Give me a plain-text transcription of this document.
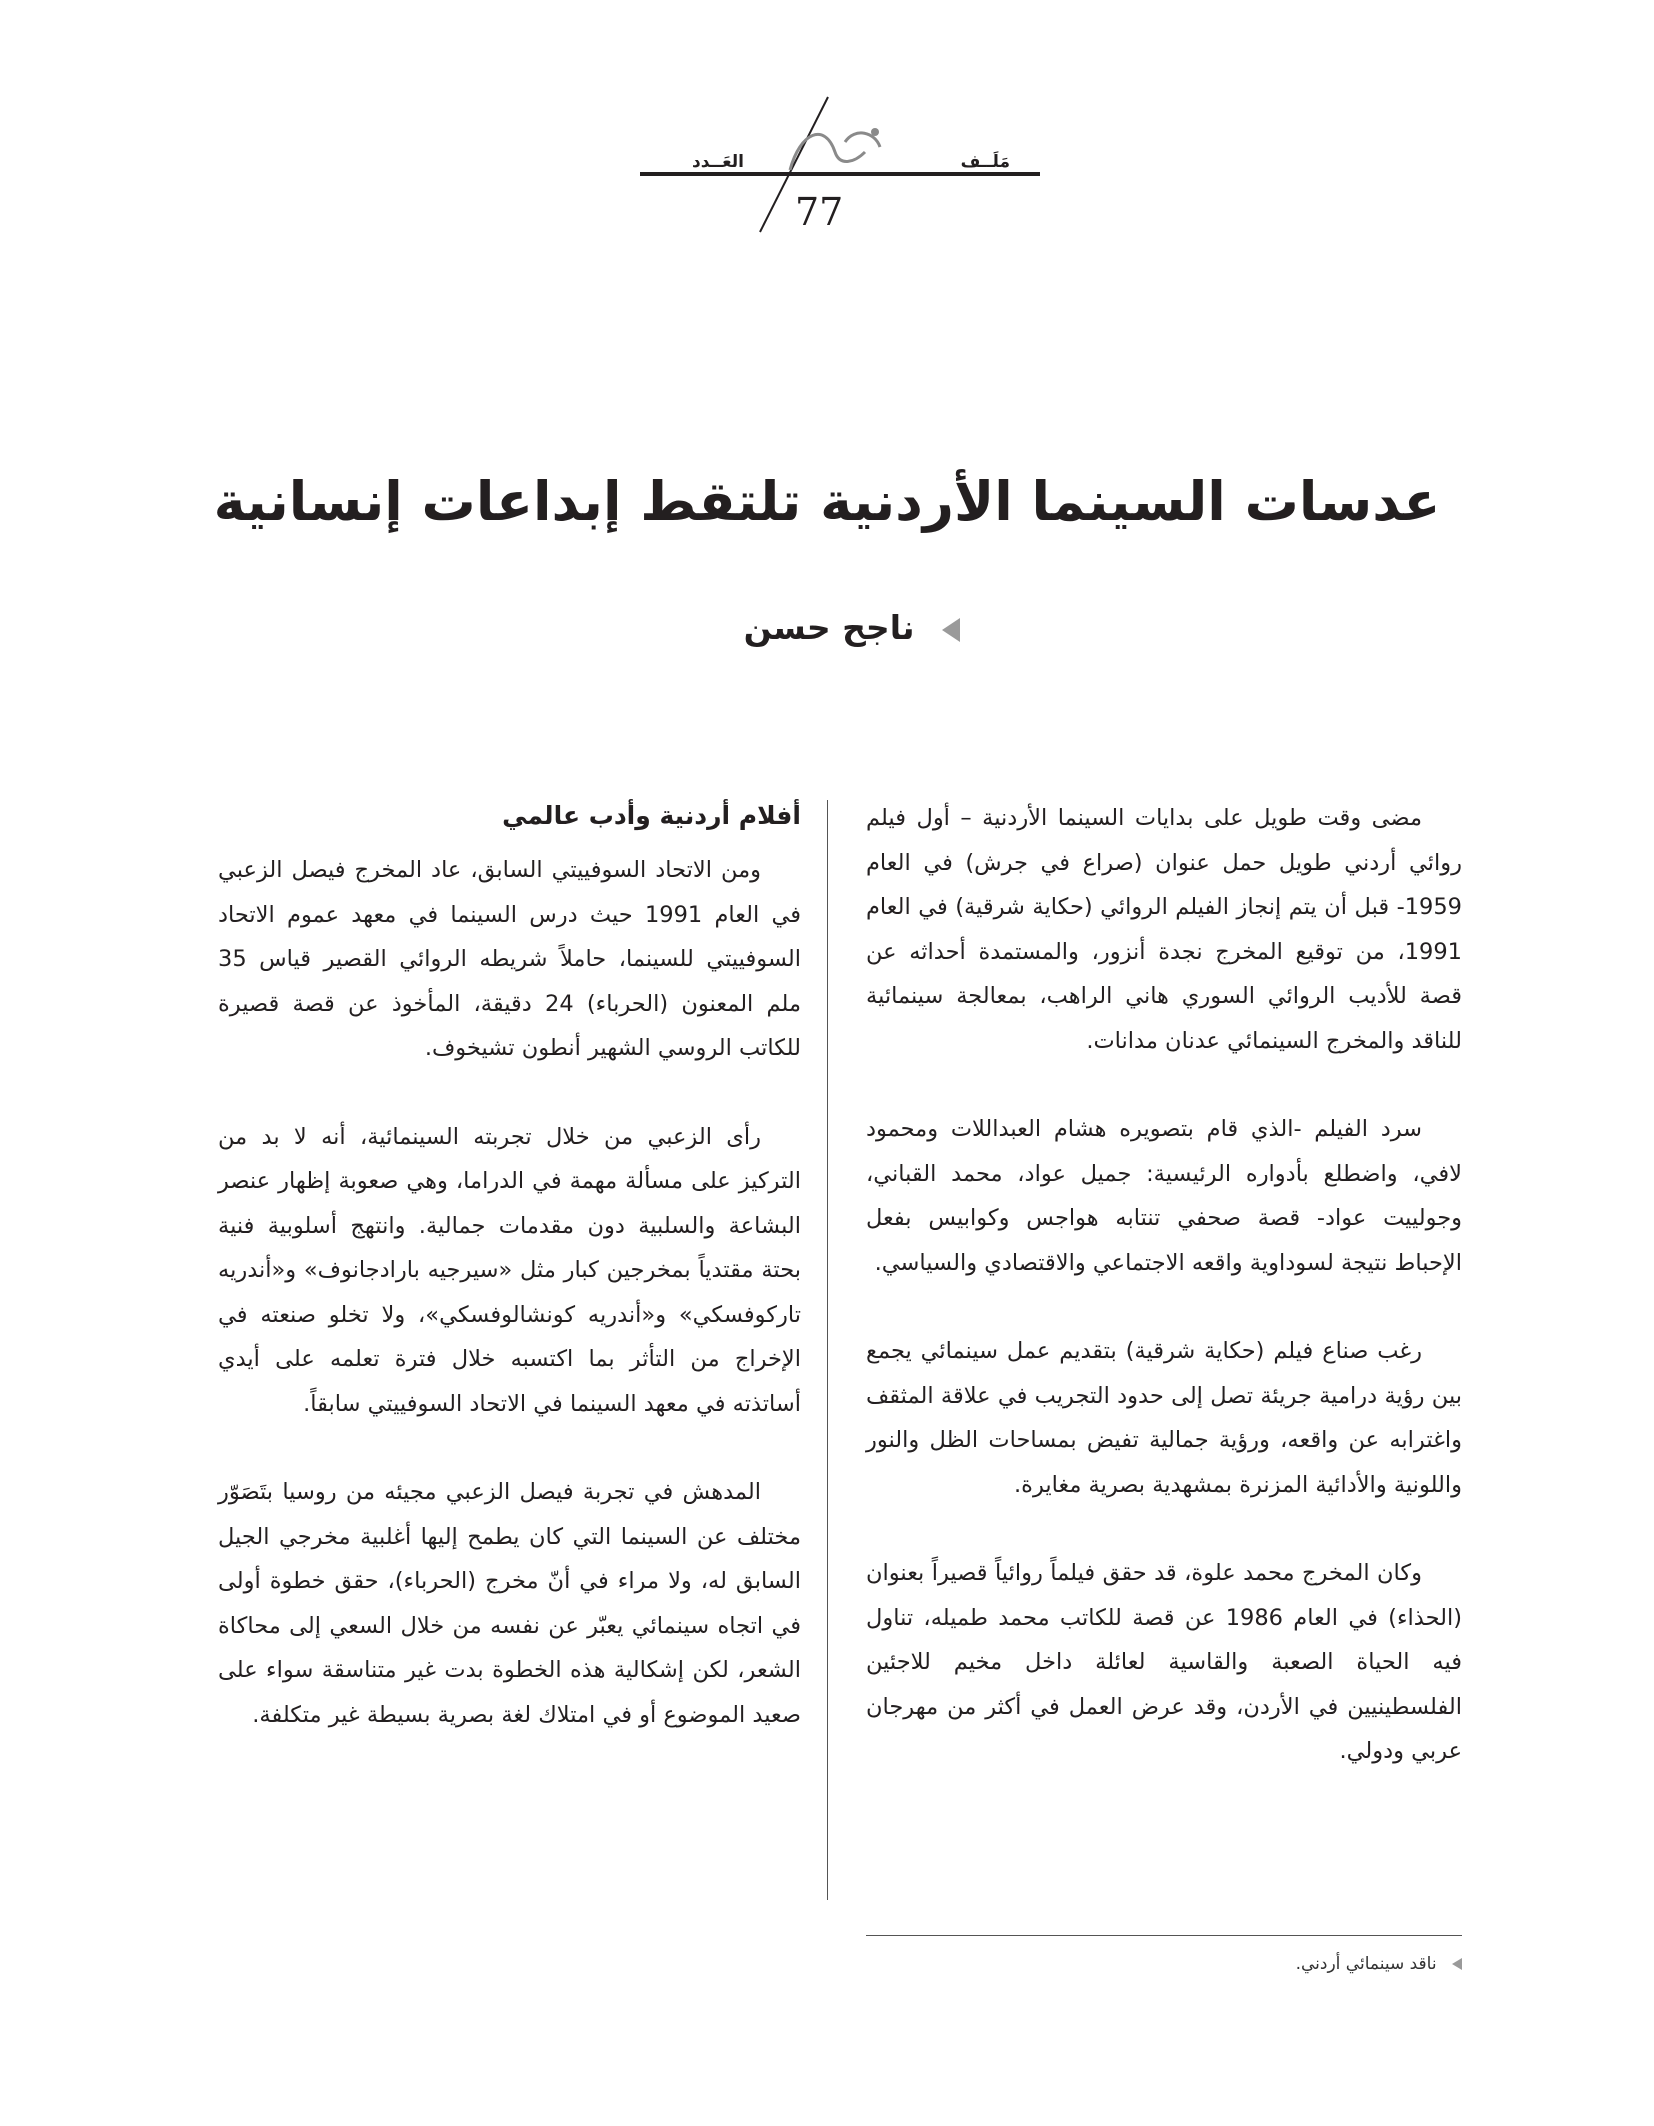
مَلَــف
العَــدد
77
عدسات السينما الأردنية تلتقط إبداعات إنسانية
ناجح حسن

مضى وقت طويل على بدايات السينما الأردنية – أول فيلم روائي أردني طويل حمل عنوان (صراع في جرش) في العام 1959- قبل أن يتم إنجاز الفيلم الروائي (حكاية شرقية) في العام 1991، من توقيع المخرج نجدة أنزور، والمستمدة أحداثه عن قصة للأديب الروائي السوري هاني الراهب، بمعالجة سينمائية للناقد والمخرج السينمائي عدنان مدانات.

سرد الفيلم -الذي قام بتصويره هشام العبداللات ومحمود لافي، واضطلع بأدواره الرئيسية: جميل عواد، محمد القباني، وجولييت عواد- قصة صحفي تنتابه هواجس وكوابيس بفعل الإحباط نتيجة لسوداوية واقعه الاجتماعي والاقتصادي والسياسي.

رغب صناع فيلم (حكاية شرقية) بتقديم عمل سينمائي يجمع بين رؤية درامية جريئة تصل إلى حدود التجريب في علاقة المثقف واغترابه عن واقعه، ورؤية جمالية تفيض بمساحات الظل والنور واللونية والأدائية المزنرة بمشهدية بصرية مغايرة.

وكان المخرج محمد علوة، قد حقق فيلماً روائياً قصيراً بعنوان (الحذاء) في العام 1986 عن قصة للكاتب محمد طميله، تناول فيه الحياة الصعبة والقاسية لعائلة داخل مخيم للاجئين الفلسطينيين في الأردن، وقد عرض العمل في أكثر من مهرجان عربي ودولي.

أفلام أردنية وأدب عالمي

ومن الاتحاد السوفييتي السابق، عاد المخرج فيصل الزعبي في العام 1991 حيث درس السينما في معهد عموم الاتحاد السوفييتي للسينما، حاملاً شريطه الروائي القصير قياس 35 ملم المعنون (الحرباء) 24 دقيقة، المأخوذ عن قصة قصيرة للكاتب الروسي الشهير أنطون تشيخوف.

رأى الزعبي من خلال تجربته السينمائية، أنه لا بد من التركيز على مسألة مهمة في الدراما، وهي صعوبة إظهار عنصر البشاعة والسلبية دون مقدمات جمالية. وانتهج أسلوبية فنية بحتة مقتدياً بمخرجين كبار مثل «سيرجيه بارادجانوف» و«أندريه تاركوفسكي» و«أندريه كونشالوفسكي»، ولا تخلو صنعته في الإخراج من التأثر بما اكتسبه خلال فترة تعلمه على أيدي أساتذته في معهد السينما في الاتحاد السوفييتي سابقاً.

المدهش في تجربة فيصل الزعبي مجيئه من روسيا بتَصَوّر مختلف عن السينما التي كان يطمح إليها أغلبية مخرجي الجيل السابق له، ولا مراء في أنّ مخرج (الحرباء)، حقق خطوة أولى في اتجاه سينمائي يعبّر عن نفسه من خلال السعي إلى محاكاة الشعر، لكن إشكالية هذه الخطوة بدت غير متناسقة سواء على صعيد الموضوع أو في امتلاك لغة بصرية بسيطة غير متكلفة.

ناقد سينمائي أردني.
